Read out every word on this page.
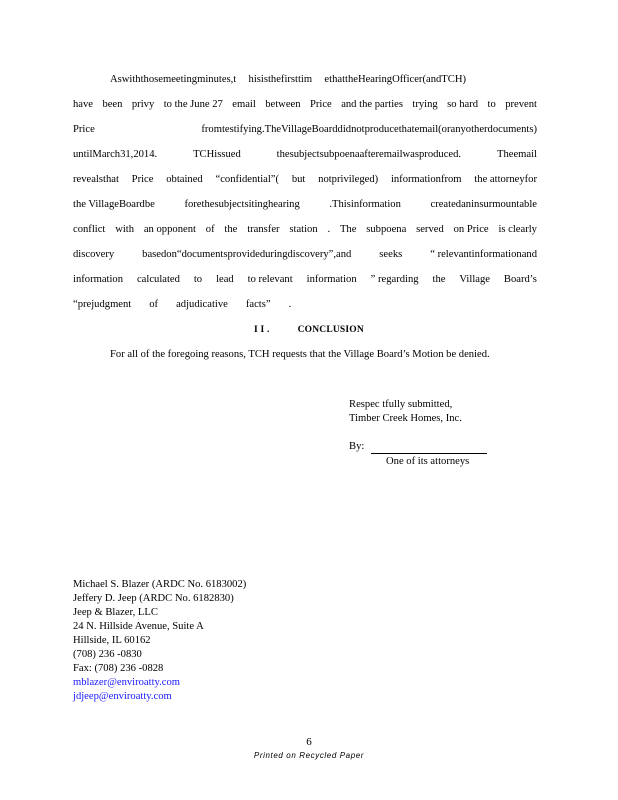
Aswiththosemeetingminutes,t hisisthefirsttim ethattheHearingOfficer(andTCH)
have been privy to the June 27 email between Price and the parties trying so hard to prevent
Price	fromtestifying.TheVillageBoarddidnotproducethatemail(oranyotherdocuments)
untilMarch31,2014.	TCHissued	thesubjectsubpoenaafteremailwasproduced.	Theemail
revealsthat Price obtained “confidential”( but notprivileged) informationfrom the attorneyfor
the VillageBoardbe	forethesubjectsitinghearing	.Thisinformation	createdaninsurmountable
conflict with an opponent of the transfer station . The subpoena served on Price is clearly
discovery	basedon“documentsprovideduringdiscovery”,and	seeks	“ relevantinformationand
information calculated to lead to relevant information ” regarding the Village Board’s
“prejudgment of adjudicative facts” .
I I .	CONCLUSION
For all of the foregoing reasons, TCH requests that the Village Board’s Motion be denied.
Respec tfully submitted,
Timber Creek Homes, Inc.
By:
One of its attorneys
Michael S. Blazer (ARDC No. 6183002)
Jeffery D. Jeep (ARDC No. 6182830)
Jeep & Blazer, LLC
24 N. Hillside Avenue, Suite A
Hillside, IL 60162
(708) 236 -0830
Fax: (708) 236 -0828
mblazer@enviroatty.com
jdjeep@enviroatty.com
6
Printed on Recycled Paper
